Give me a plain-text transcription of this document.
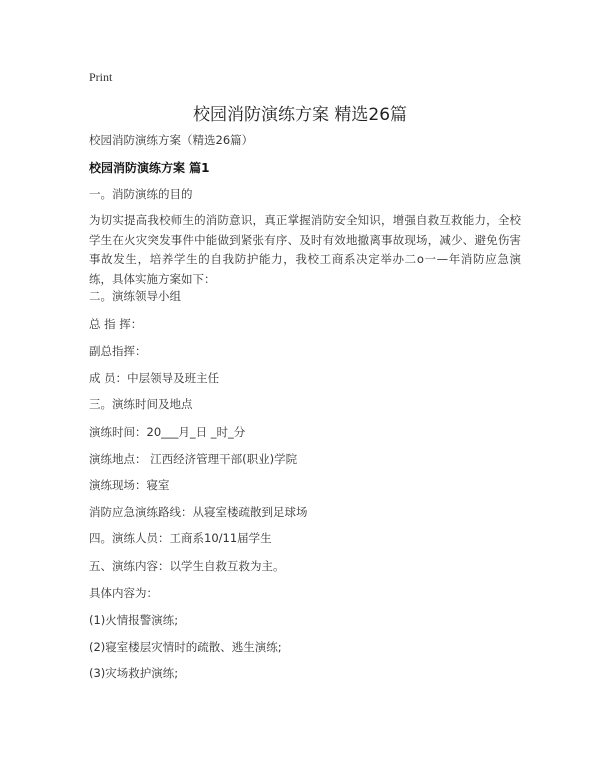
Print
校园消防演练方案 精选26篇
校园消防演练方案（精选26篇）
校园消防演练方案 篇1
一。消防演练的目的
为切实提高我校师生的消防意识，真正掌握消防安全知识，增强自救互救能力，全校学生在火灾突发事件中能做到紧张有序、及时有效地撤离事故现场，减少、避免伤害事故发生，培养学生的自我防护能力，我校工商系决定举办二o一—年消防应急演练，具体实施方案如下：
二。演练领导小组
总 指 挥：
副总指挥：
成 员：中层领导及班主任
三。演练时间及地点
演练时间：20___月_日 _时_分
演练地点： 江西经济管理干部(职业)学院
演练现场：寝室
消防应急演练路线：从寝室楼疏散到足球场
四。演练人员：工商系10/11届学生
五、演练内容：以学生自救互救为主。
具体内容为：
(1)火情报警演练;
(2)寝室楼层灾情时的疏散、逃生演练;
(3)灾场救护演练;
